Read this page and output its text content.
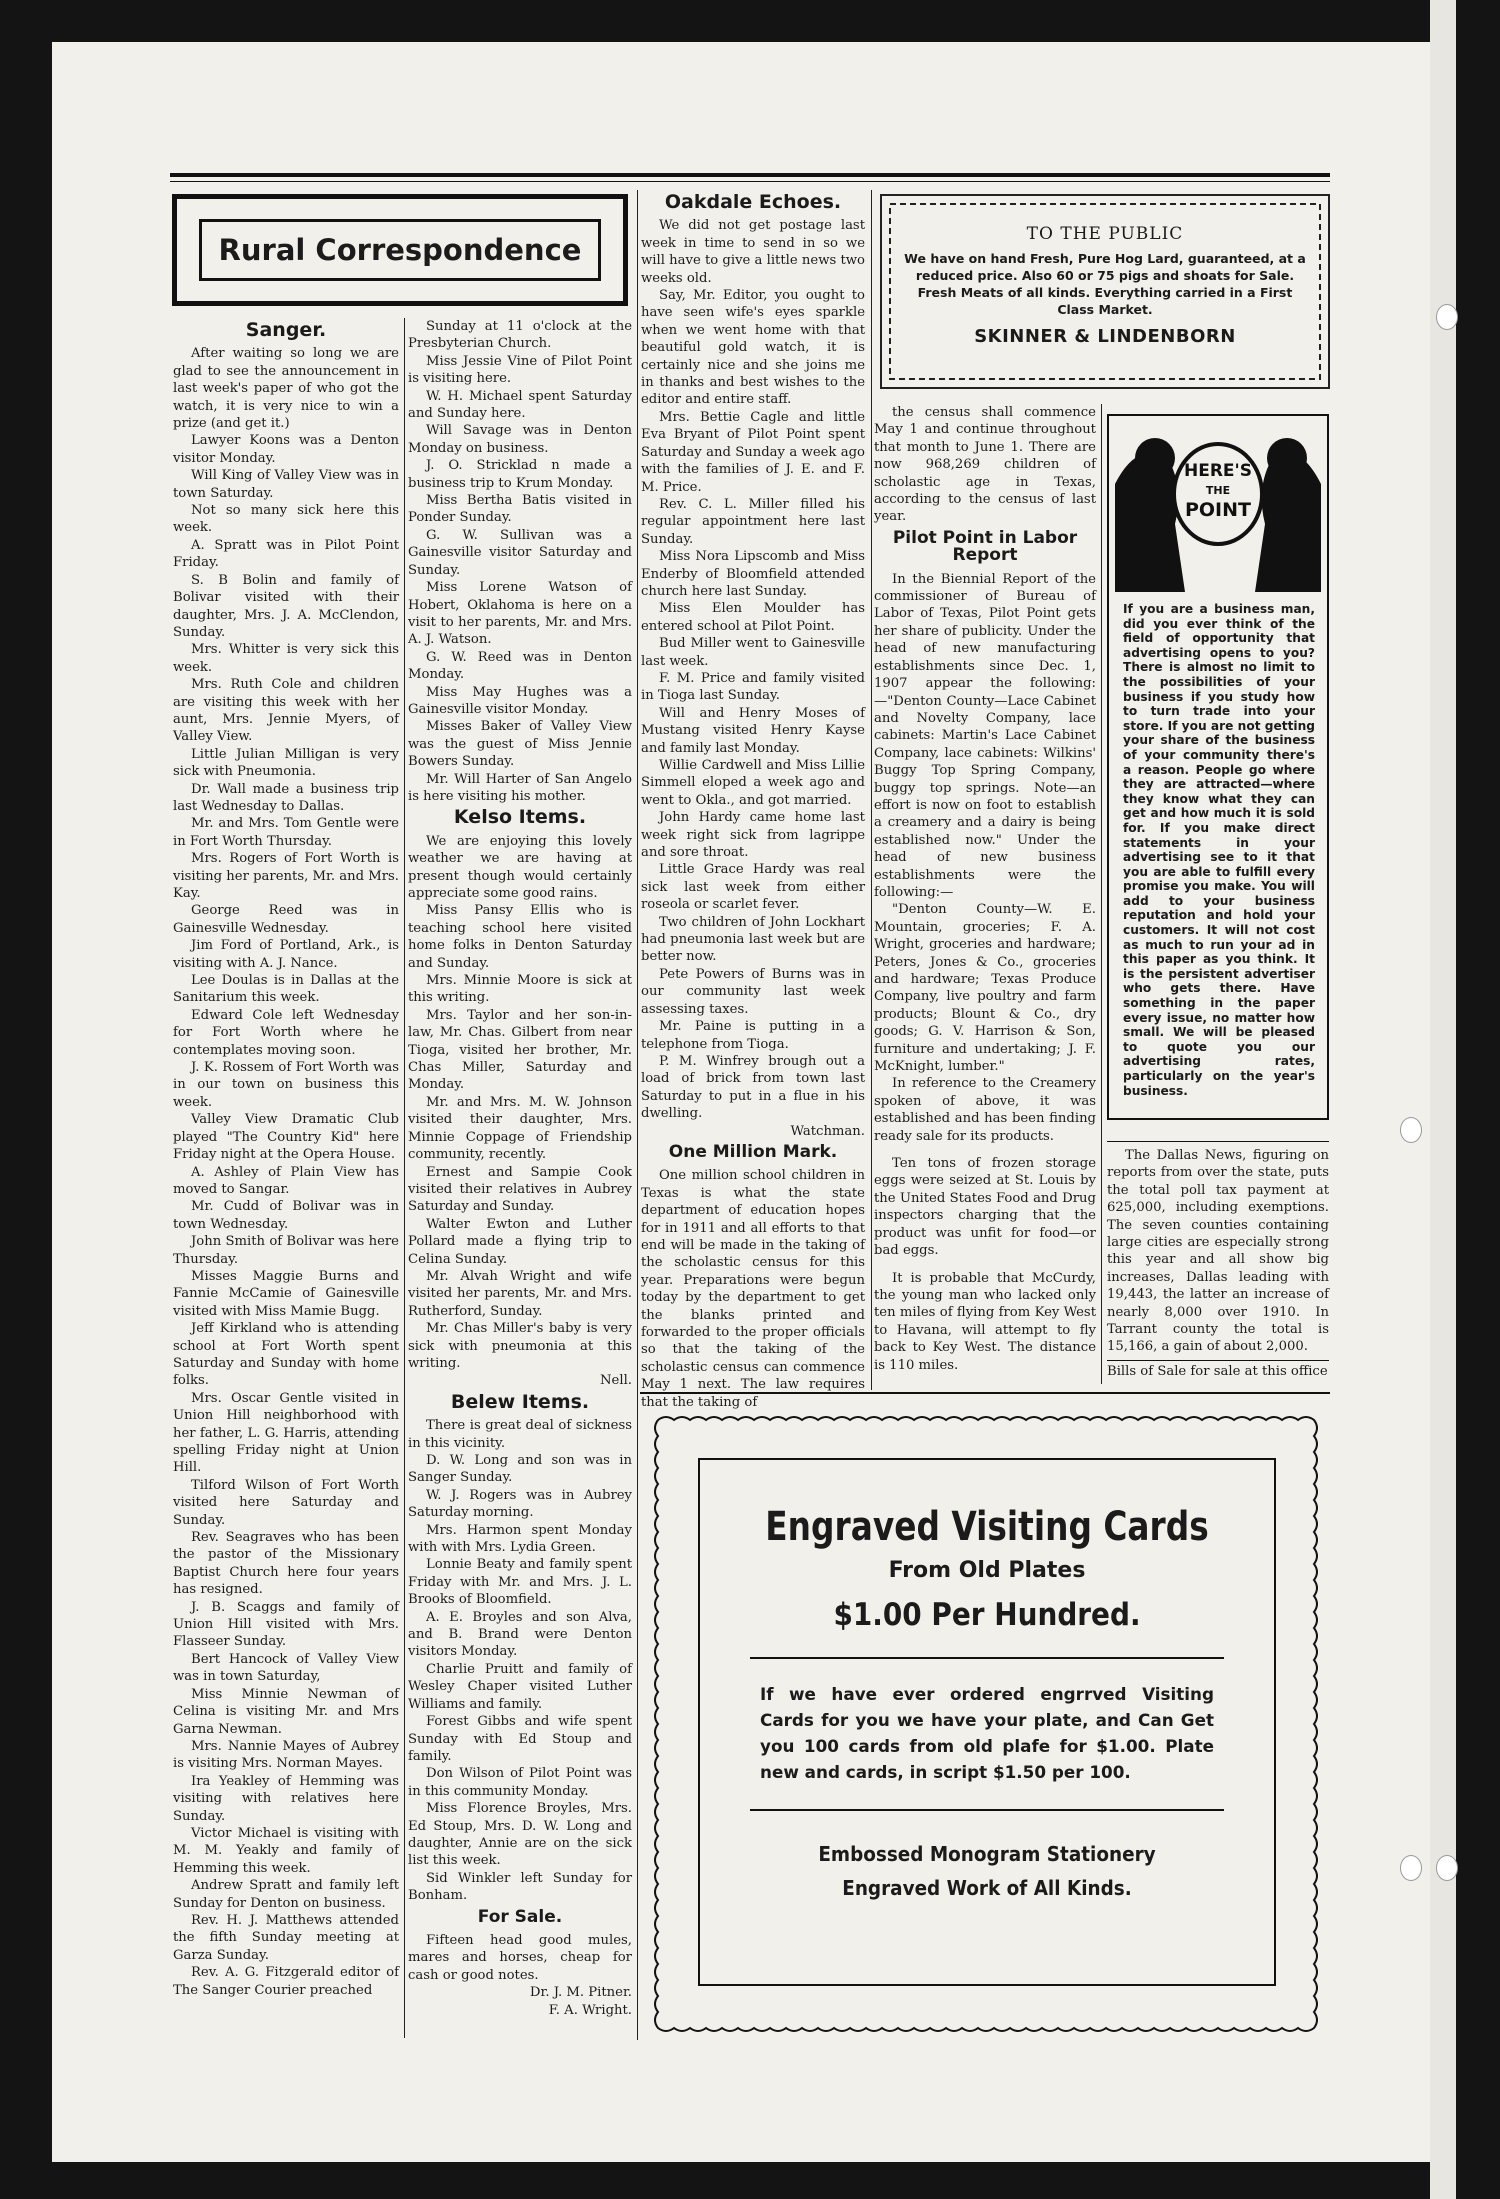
Rural Correspondence
Sanger.

After waiting so long we are glad to see the announcement in last week's paper of who got the watch, it is very nice to win a prize (and get it.)

Lawyer Koons was a Denton visitor Monday.

Will King of Valley View was in town Saturday.

Not so many sick here this week.

A. Spratt was in Pilot Point Friday.

S. B Bolin and family of Bolivar visited with their daughter, Mrs. J. A. McClendon, Sunday.

Mrs. Whitter is very sick this week.

Mrs. Ruth Cole and children are visiting this week with her aunt, Mrs. Jennie Myers, of Valley View.

Little Julian Milligan is very sick with Pneumonia.

Dr. Wall made a business trip last Wednesday to Dallas.

Mr. and Mrs. Tom Gentle were in Fort Worth Thursday.

Mrs. Rogers of Fort Worth is visiting her parents, Mr. and Mrs. Kay.

George Reed was in Gainesville Wednesday.

Jim Ford of Portland, Ark., is visiting with A. J. Nance.

Lee Doulas is in Dallas at the Sanitarium this week.

Edward Cole left Wednesday for Fort Worth where he contemplates moving soon.

J. K. Rossem of Fort Worth was in our town on business this week.

Valley View Dramatic Club played "The Country Kid" here Friday night at the Opera House.

A. Ashley of Plain View has moved to Sangar.

Mr. Cudd of Bolivar was in town Wednesday.

John Smith of Bolivar was here Thursday.

Misses Maggie Burns and Fannie McCamie of Gainesville visited with Miss Mamie Bugg.

Jeff Kirkland who is attending school at Fort Worth spent Saturday and Sunday with home folks.

Mrs. Oscar Gentle visited in Union Hill neighborhood with her father, L. G. Harris, attending spelling Friday night at Union Hill.

Tilford Wilson of Fort Worth visited here Saturday and Sunday.

Rev. Seagraves who has been the pastor of the Missionary Baptist Church here four years has resigned.

J. B. Scaggs and family of Union Hill visited with Mrs. Flasseer Sunday.

Bert Hancock of Valley View was in town Saturday,

Miss Minnie Newman of Celina is visiting Mr. and Mrs Garna Newman.

Mrs. Nannie Mayes of Aubrey is visiting Mrs. Norman Mayes.

Ira Yeakley of Hemming was visiting with relatives here Sunday.

Victor Michael is visiting with M. M. Yeakly and family of Hemming this week.

Andrew Spratt and family left Sunday for Denton on business.

Rev. H. J. Matthews attended the fifth Sunday meeting at Garza Sunday.

Rev. A. G. Fitzgerald editor of The Sanger Courier preached

Sunday at 11 o'clock at the Presbyterian Church.

Miss Jessie Vine of Pilot Point is visiting here.

W. H. Michael spent Saturday and Sunday here.

Will Savage was in Denton Monday on business.

J. O. Stricklad n made a business trip to Krum Monday.

Miss Bertha Batis visited in Ponder Sunday.

G. W. Sullivan was a Gainesville visitor Saturday and Sunday.

Miss Lorene Watson of Hobert, Oklahoma is here on a visit to her parents, Mr. and Mrs. A. J. Watson.

G. W. Reed was in Denton Monday.

Miss May Hughes was a Gainesville visitor Monday.

Misses Baker of Valley View was the guest of Miss Jennie Bowers Sunday.

Mr. Will Harter of San Angelo is here visiting his mother.

Kelso Items.

We are enjoying this lovely weather we are having at present though would certainly appreciate some good rains.

Miss Pansy Ellis who is teaching school here visited home folks in Denton Saturday and Sunday.

Mrs. Minnie Moore is sick at this writing.

Mrs. Taylor and her son-in-law, Mr. Chas. Gilbert from near Tioga, visited her brother, Mr. Chas Miller, Saturday and Monday.

Mr. and Mrs. M. W. Johnson visited their daughter, Mrs. Minnie Coppage of Friendship community, recently.

Ernest and Sampie Cook visited their relatives in Aubrey Saturday and Sunday.

Walter Ewton and Luther Pollard made a flying trip to Celina Sunday.

Mr. Alvah Wright and wife visited her parents, Mr. and Mrs. Rutherford, Sunday.

Mr. Chas Miller's baby is very sick with pneumonia at this writing.

Nell.
Belew Items.

There is great deal of sickness in this vicinity.

D. W. Long and son was in Sanger Sunday.

W. J. Rogers was in Aubrey Saturday morning.

Mrs. Harmon spent Monday with with Mrs. Lydia Green.

Lonnie Beaty and family spent Friday with Mr. and Mrs. J. L. Brooks of Bloomfield.

A. E. Broyles and son Alva, and B. Brand were Denton visitors Monday.

Charlie Pruitt and family of Wesley Chaper visited Luther Williams and family.

Forest Gibbs and wife spent Sunday with Ed Stoup and family.

Don Wilson of Pilot Point was in this community Monday.

Miss Florence Broyles, Mrs. Ed Stoup, Mrs. D. W. Long and daughter, Annie are on the sick list this week.

Sid Winkler left Sunday for Bonham.

For Sale.

Fifteen head good mules, mares and horses, cheap for cash or good notes.

Dr. J. M. Pitner.
F. A. Wright.
Oakdale Echoes.

We did not get postage last week in time to send in so we will have to give a little news two weeks old.

Say, Mr. Editor, you ought to have seen wife's eyes sparkle when we went home with that beautiful gold watch, it is certainly nice and she joins me in thanks and best wishes to the editor and entire staff.

Mrs. Bettie Cagle and little Eva Bryant of Pilot Point spent Saturday and Sunday a week ago with the families of J. E. and F. M. Price.

Rev. C. L. Miller filled his regular appointment here last Sunday.

Miss Nora Lipscomb and Miss Enderby of Bloomfield attended church here last Sunday.

Miss Elen Moulder has entered school at Pilot Point.

Bud Miller went to Gainesville last week.

F. M. Price and family visited in Tioga last Sunday.

Will and Henry Moses of Mustang visited Henry Kayse and family last Monday.

Willie Cardwell and Miss Lillie Simmell eloped a week ago and went to Okla., and got married.

John Hardy came home last week right sick from lagrippe and sore throat.

Little Grace Hardy was real sick last week from either roseola or scarlet fever.

Two children of John Lockhart had pneumonia last week but are better now.

Pete Powers of Burns was in our community last week assessing taxes.

Mr. Paine is putting in a telephone from Tioga.

P. M. Winfrey brough out a load of brick from town last Saturday to put in a flue in his dwelling.

Watchman.
One Million Mark.

One million school children in Texas is what the state department of education hopes for in 1911 and all efforts to that end will be made in the taking of the scholastic census for this year. Preparations were begun today by the department to get the blanks printed and forwarded to the proper officials so that the taking of the scholastic census can commence May 1 next. The law requires that the taking of

TO THE PUBLIC
We have on hand Fresh, Pure Hog Lard, guaranteed, at a reduced price. Also 60 or 75 pigs and shoats for Sale. Fresh Meats of all kinds. Everything carried in a First Class Market.
SKINNER & LINDENBORN

the census shall commence May 1 and continue throughout that month to June 1. There are now 968,269 children of scholastic age in Texas, according to the census of last year.

Pilot Point in Labor Report

In the Biennial Report of the commissioner of Bureau of Labor of Texas, Pilot Point gets her share of publicity. Under the head of new manufacturing establishments since Dec. 1, 1907 appear the following:—"Denton County—Lace Cabinet and Novelty Company, lace cabinets: Martin's Lace Cabinet Company, lace cabinets: Wilkins' Buggy Top Spring Company, buggy top springs. Note—an effort is now on foot to establish a creamery and a dairy is being established now." Under the head of new business establishments were the following:—

"Denton County—W. E. Mountain, groceries; F. A. Wright, groceries and hardware; Peters, Jones & Co., groceries and hardware; Texas Produce Company, live poultry and farm products; Blount & Co., dry goods; G. V. Harrison & Son, furniture and undertaking; J. F. McKnight, lumber."

In reference to the Creamery spoken of above, it was established and has been finding ready sale for its products.

Ten tons of frozen storage eggs were seized at St. Louis by the United States Food and Drug inspectors charging that the product was unfit for food—or bad eggs.

It is probable that McCurdy, the young man who lacked only ten miles of flying from Key West to Havana, will attempt to fly back to Key West. The distance is 110 miles.

HERE'S
THE
POINT
If you are a business man, did you ever think of the field of opportunity that advertising opens to you? There is almost no limit to the possibilities of your business if you study how to turn trade into your store. If you are not getting your share of the business of your community there's a reason. People go where they are attracted—where they know what they can get and how much it is sold for. If you make direct statements in your advertising see to it that you are able to fulfill every promise you make. You will add to your business reputation and hold your customers. It will not cost as much to run your ad in this paper as you think. It is the persistent advertiser who gets there. Have something in the paper every issue, no matter how small. We will be pleased to quote you our advertising rates, particularly on the year's business.

The Dallas News, figuring on reports from over the state, puts the total poll tax payment at 625,000, including exemptions. The seven counties containing large cities are especially strong this year and all show big increases, Dallas leading with 19,443, the latter an increase of nearly 8,000 over 1910. In Tarrant county the total is 15,166, a gain of about 2,000.

Bills of Sale for sale at this office
Engraved Visiting Cards
From Old Plates
$1.00 Per Hundred.
If we have ever ordered engrrved Visiting Cards for you we have your plate, and Can Get you 100 cards from old plafe for $1.00. Plate new and cards, in script $1.50 per 100.
Embossed Monogram Stationery
Engraved Work of All Kinds.
